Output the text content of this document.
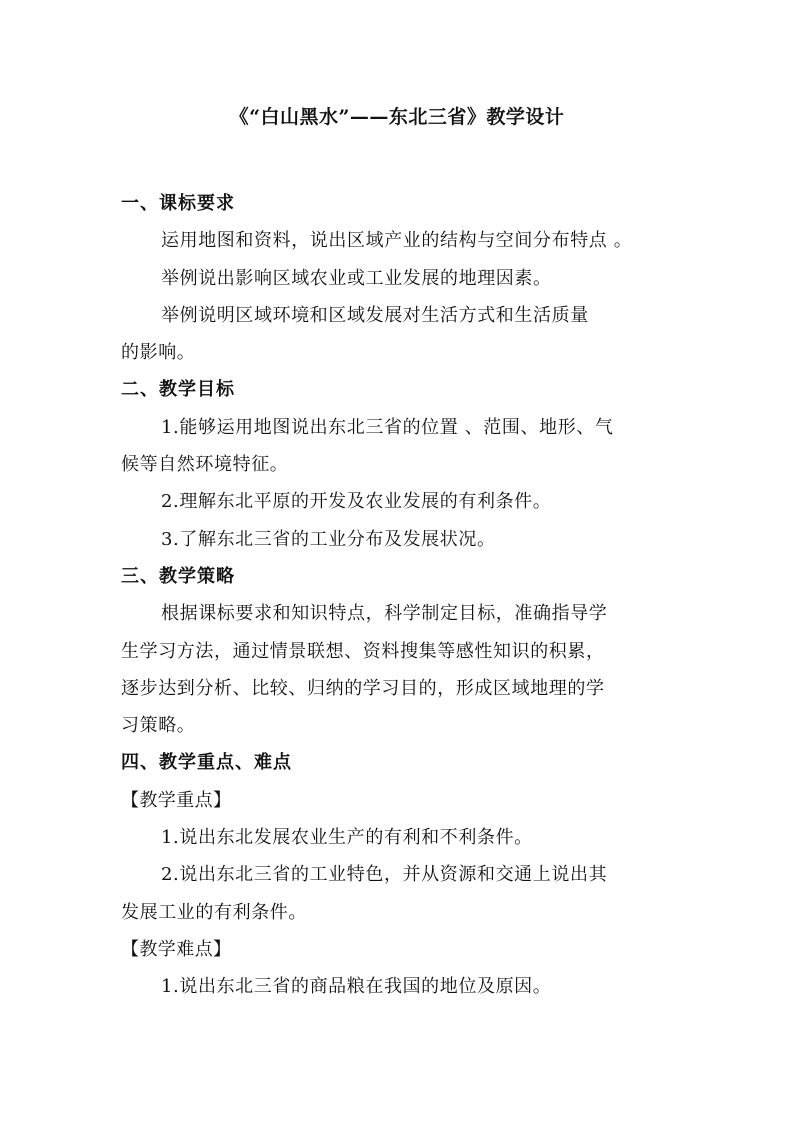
《“白山黑水”——东北三省》教学设计
一、课标要求
运用地图和资料，说出区域产业的结构与空间分布特点 。
举例说出影响区域农业或工业发展的地理因素。
举例说明区域环境和区域发展对生活方式和生活质量
的影响。
二、教学目标
1.能够运用地图说出东北三省的位置 、范围、地形、气
候等自然环境特征。
2.理解东北平原的开发及农业发展的有利条件。
3.了解东北三省的工业分布及发展状况。
三、教学策略
根据课标要求和知识特点，科学制定目标，准确指导学
生学习方法，通过情景联想、资料搜集等感性知识的积累，
逐步达到分析、比较、归纳的学习目的，形成区域地理的学
习策略。
四、教学重点、难点
【教学重点】
1.说出东北发展农业生产的有利和不利条件。
2.说出东北三省的工业特色，并从资源和交通上说出其
发展工业的有利条件。
【教学难点】
1.说出东北三省的商品粮在我国的地位及原因。
